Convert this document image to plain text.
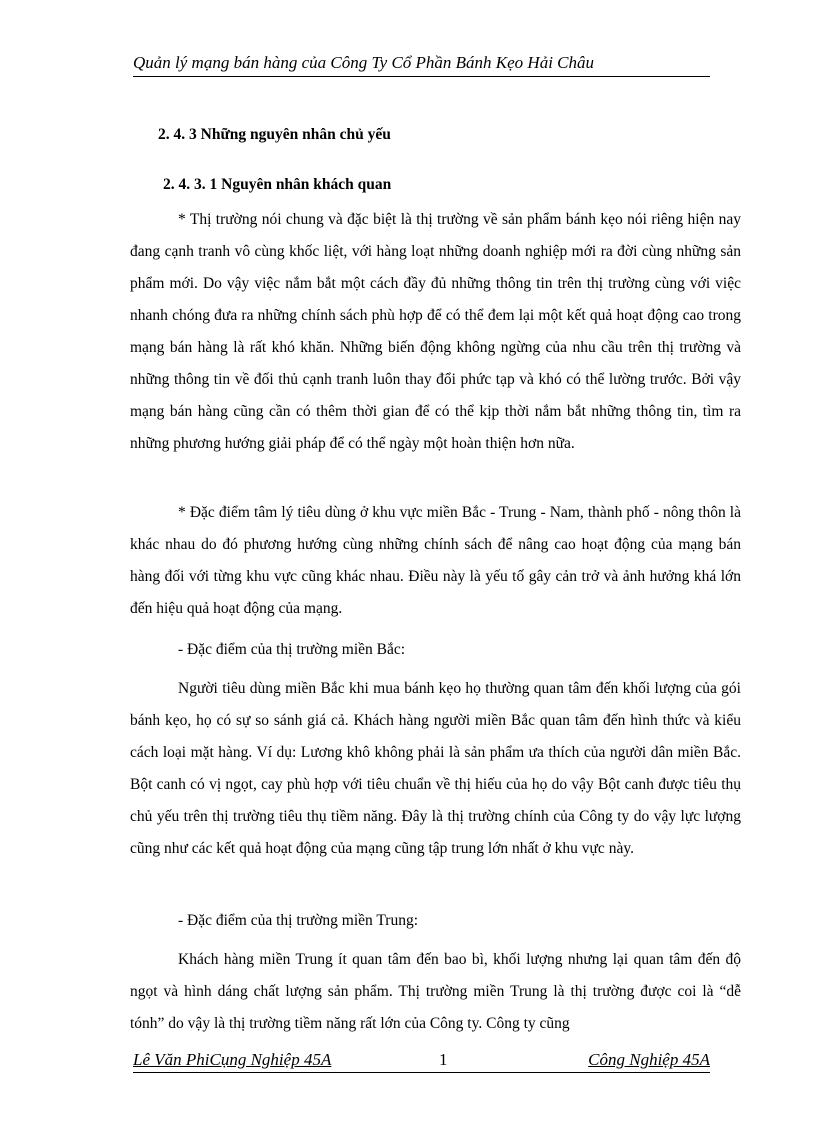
Quản lý mạng bán hàng của Công Ty Cổ Phần Bánh Kẹo Hải Châu
2. 4. 3 Những nguyên nhân chủ yếu
2. 4. 3. 1 Nguyên nhân khách quan

* Thị trường nói chung và đặc biệt là thị trường về sản phẩm bánh kẹo nói riêng hiện nay đang cạnh tranh vô cùng khốc liệt, với hàng loạt những doanh nghiệp mới ra đời cùng những sản phẩm mới. Do vậy việc nắm bắt một cách đầy đủ những thông tin trên thị trường cùng với việc nhanh chóng đưa ra những chính sách phù hợp để có thể đem lại một kết quả hoạt động cao trong mạng bán hàng là rất khó khăn. Những biến động không ngừng của nhu cầu trên thị trường và những thông tin về đối thủ cạnh tranh luôn thay đổi phức tạp và khó có thể lường trước. Bởi vậy mạng bán hàng cũng cần có thêm thời gian để có thể kịp thời nắm bắt những thông tin, tìm ra những phương hướng giải pháp để có thể ngày một hoàn thiện hơn nữa.

* Đặc điểm tâm lý tiêu dùng ở khu vực miền Bắc - Trung - Nam, thành phố - nông thôn là khác nhau do đó phương hướng cùng những chính sách để nâng cao hoạt động của mạng bán hàng đối với từng khu vực cũng khác nhau. Điều này là yếu tố gây cản trở và ảnh hưởng khá lớn đến hiệu quả hoạt động của mạng.

- Đặc điểm của thị trường miền Bắc:

Người tiêu dùng miền Bắc khi mua bánh kẹo họ thường quan tâm đến khối lượng của gói bánh kẹo, họ có sự so sánh giá cả. Khách hàng người miền Bắc quan tâm đến hình thức và kiểu cách loại mặt hàng. Ví dụ: Lương khô không phải là sản phẩm ưa thích của người dân miền Bắc. Bột canh có vị ngọt, cay phù hợp với tiêu chuẩn về thị hiếu của họ do vậy Bột canh được tiêu thụ chủ yếu trên thị trường tiêu thụ tiềm năng. Đây là thị trường chính của Công ty do vậy lực lượng cũng như các kết quả hoạt động của mạng cũng tập trung lớn nhất ở khu vực này.

- Đặc điểm của thị trường miền Trung:

Khách hàng miền Trung ít quan tâm đến bao bì, khối lượng nhưng lại quan tâm đến độ ngọt và hình dáng chất lượng sản phẩm. Thị trường miền Trung là thị trường được coi là “dễ tónh” do vậy là thị trường tiềm năng rất lớn của Công ty. Công ty cũng

Lê Văn PhiCụng Nghiệp 45A	1	Công Nghiệp 45A
